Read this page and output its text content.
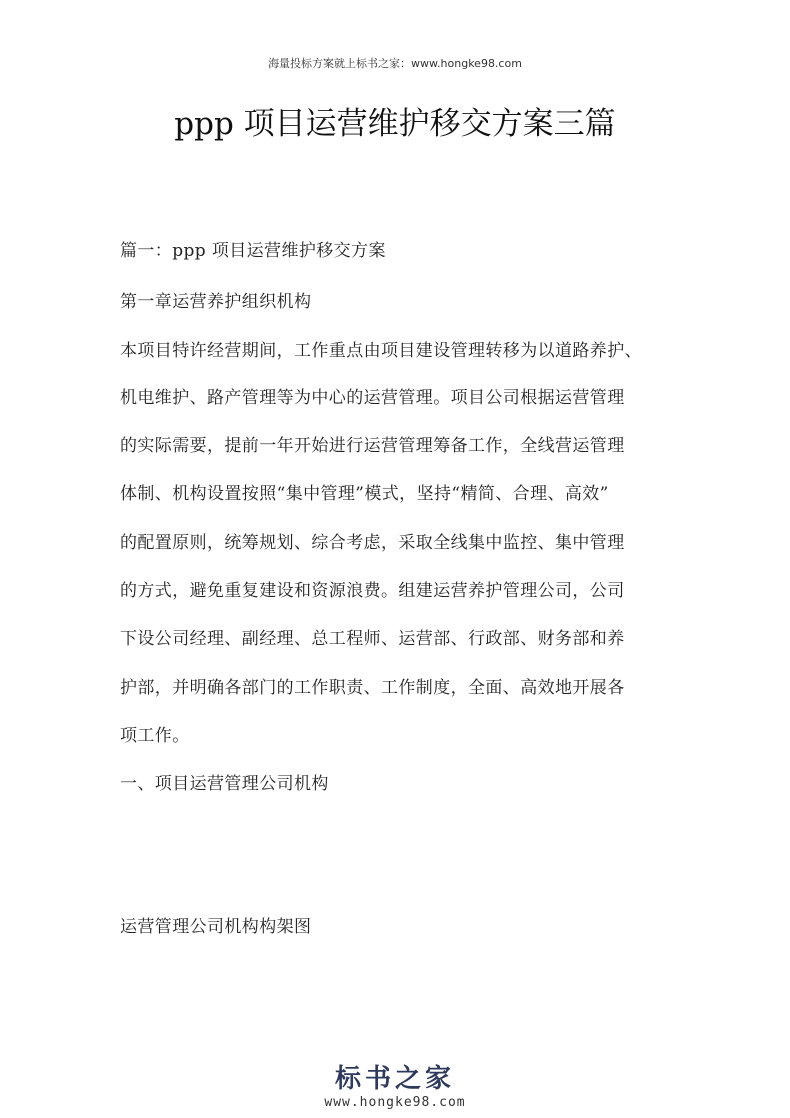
海量投标方案就上标书之家：www.hongke98.com
ppp 项目运营维护移交方案三篇
篇一：ppp 项目运营维护移交方案
第一章运营养护组织机构
本项目特许经营期间，工作重点由项目建设管理转移为以道路养护、
机电维护、路产管理等为中心的运营管理。项目公司根据运营管理
的实际需要，提前一年开始进行运营管理筹备工作，全线营运管理
体制、机构设置按照“集中管理”模式，坚持“精简、合理、高效”
的配置原则，统筹规划、综合考虑，采取全线集中监控、集中管理
的方式，避免重复建设和资源浪费。组建运营养护管理公司，公司
下设公司经理、副经理、总工程师、运营部、行政部、财务部和养
护部，并明确各部门的工作职责、工作制度，全面、高效地开展各
项工作。
一、项目运营管理公司机构
运营管理公司机构构架图
标书之家
www.hongke98.com
